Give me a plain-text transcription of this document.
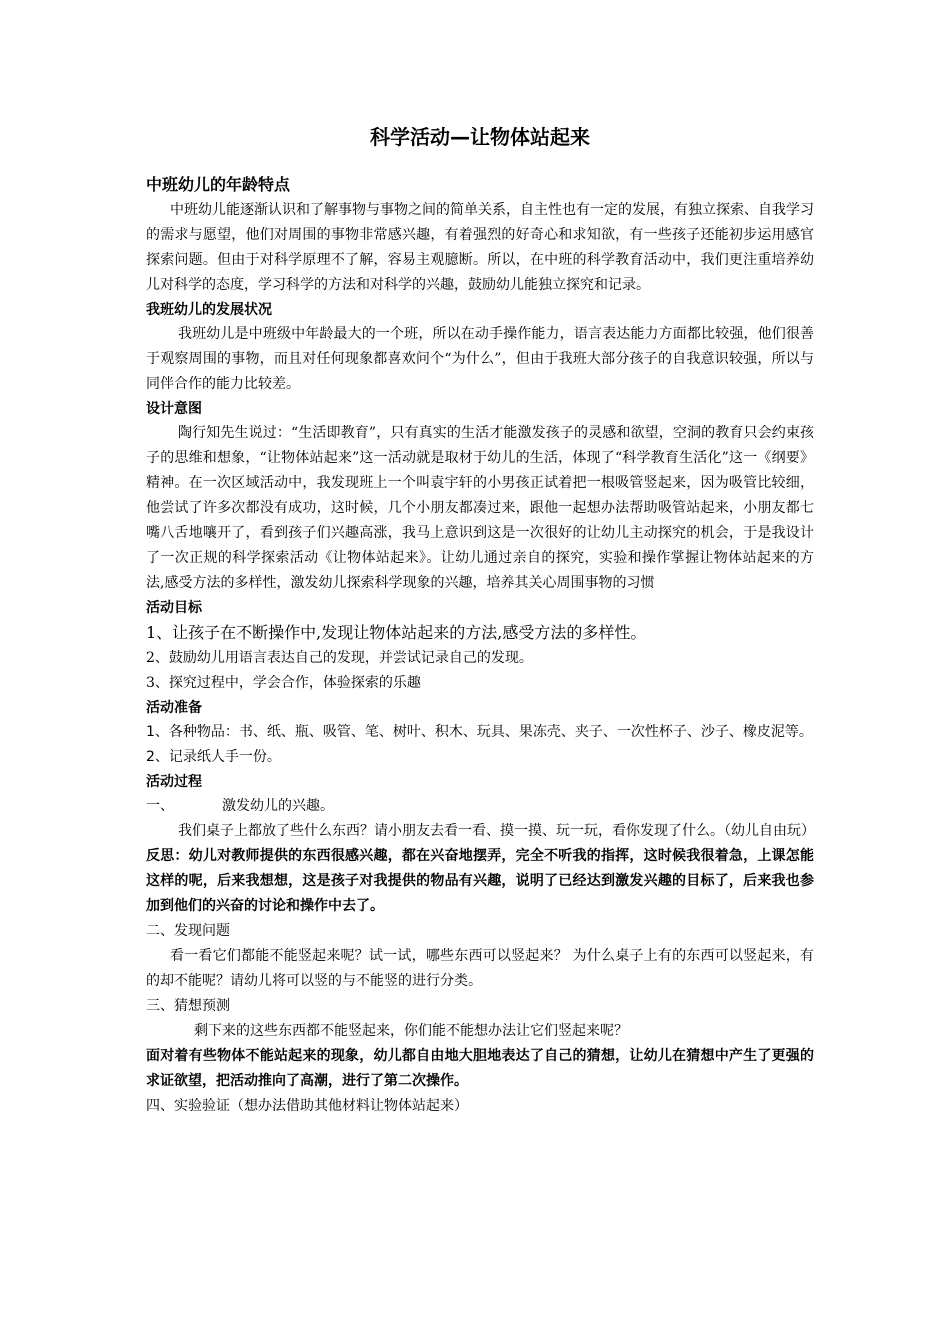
科学活动—让物体站起来
中班幼儿的年龄特点

中班幼儿能逐渐认识和了解事物与事物之间的简单关系，自主性也有一定的发展，有独立探索、自我学习的需求与愿望，他们对周围的事物非常感兴趣，有着强烈的好奇心和求知欲，有一些孩子还能初步运用感官探索问题。但由于对科学原理不了解，容易主观臆断。所以，在中班的科学教育活动中，我们更注重培养幼儿对科学的态度，学习科学的方法和对科学的兴趣，鼓励幼儿能独立探究和记录。

我班幼儿的发展状况

我班幼儿是中班级中年龄最大的一个班，所以在动手操作能力，语言表达能力方面都比较强，他们很善于观察周围的事物，而且对任何现象都喜欢问个“为什么”，但由于我班大部分孩子的自我意识较强，所以与同伴合作的能力比较差。

设计意图

陶行知先生说过：“生活即教育”，只有真实的生活才能激发孩子的灵感和欲望，空洞的教育只会约束孩子的思维和想象，“让物体站起来”这一活动就是取材于幼儿的生活，体现了“科学教育生活化”这一《纲要》精神。在一次区域活动中，我发现班上一个叫袁宇轩的小男孩正试着把一根吸管竖起来，因为吸管比较细，他尝试了许多次都没有成功，这时候，几个小朋友都凑过来，跟他一起想办法帮助吸管站起来，小朋友都七嘴八舌地嚷开了，看到孩子们兴趣高涨，我马上意识到这是一次很好的让幼儿主动探究的机会，于是我设计了一次正规的科学探索活动《让物体站起来》。让幼儿通过亲自的探究，实验和操作掌握让物体站起来的方法,感受方法的多样性，激发幼儿探索科学现象的兴趣，培养其关心周围事物的习惯

活动目标

1、让孩子在不断操作中,发现让物体站起来的方法,感受方法的多样性。

2、鼓励幼儿用语言表达自己的发现，并尝试记录自己的发现。

3、探究过程中，学会合作，体验探索的乐趣

活动准备

1、各种物品：书、纸、瓶、吸管、笔、树叶、积木、玩具、果冻壳、夹子、一次性杯子、沙子、橡皮泥等。

2、记录纸人手一份。

活动过程

一、	激发幼儿的兴趣。

我们桌子上都放了些什么东西？请小朋友去看一看、摸一摸、玩一玩，看你发现了什么。（幼儿自由玩）

反思：幼儿对教师提供的东西很感兴趣，都在兴奋地摆弄，完全不听我的指挥，这时候我很着急，上课怎能这样的呢，后来我想想，这是孩子对我提供的物品有兴趣，说明了已经达到激发兴趣的目标了，后来我也参加到他们的兴奋的讨论和操作中去了。

二、发现问题

看一看它们都能不能竖起来呢？试一试，哪些东西可以竖起来？ 为什么桌子上有的东西可以竖起来，有的却不能呢？请幼儿将可以竖的与不能竖的进行分类。

三、猜想预测

剩下来的这些东西都不能竖起来，你们能不能想办法让它们竖起来呢？

面对着有些物体不能站起来的现象，幼儿都自由地大胆地表达了自己的猜想，让幼儿在猜想中产生了更强的求证欲望，把活动推向了高潮，进行了第二次操作。

四、实验验证（想办法借助其他材料让物体站起来）
